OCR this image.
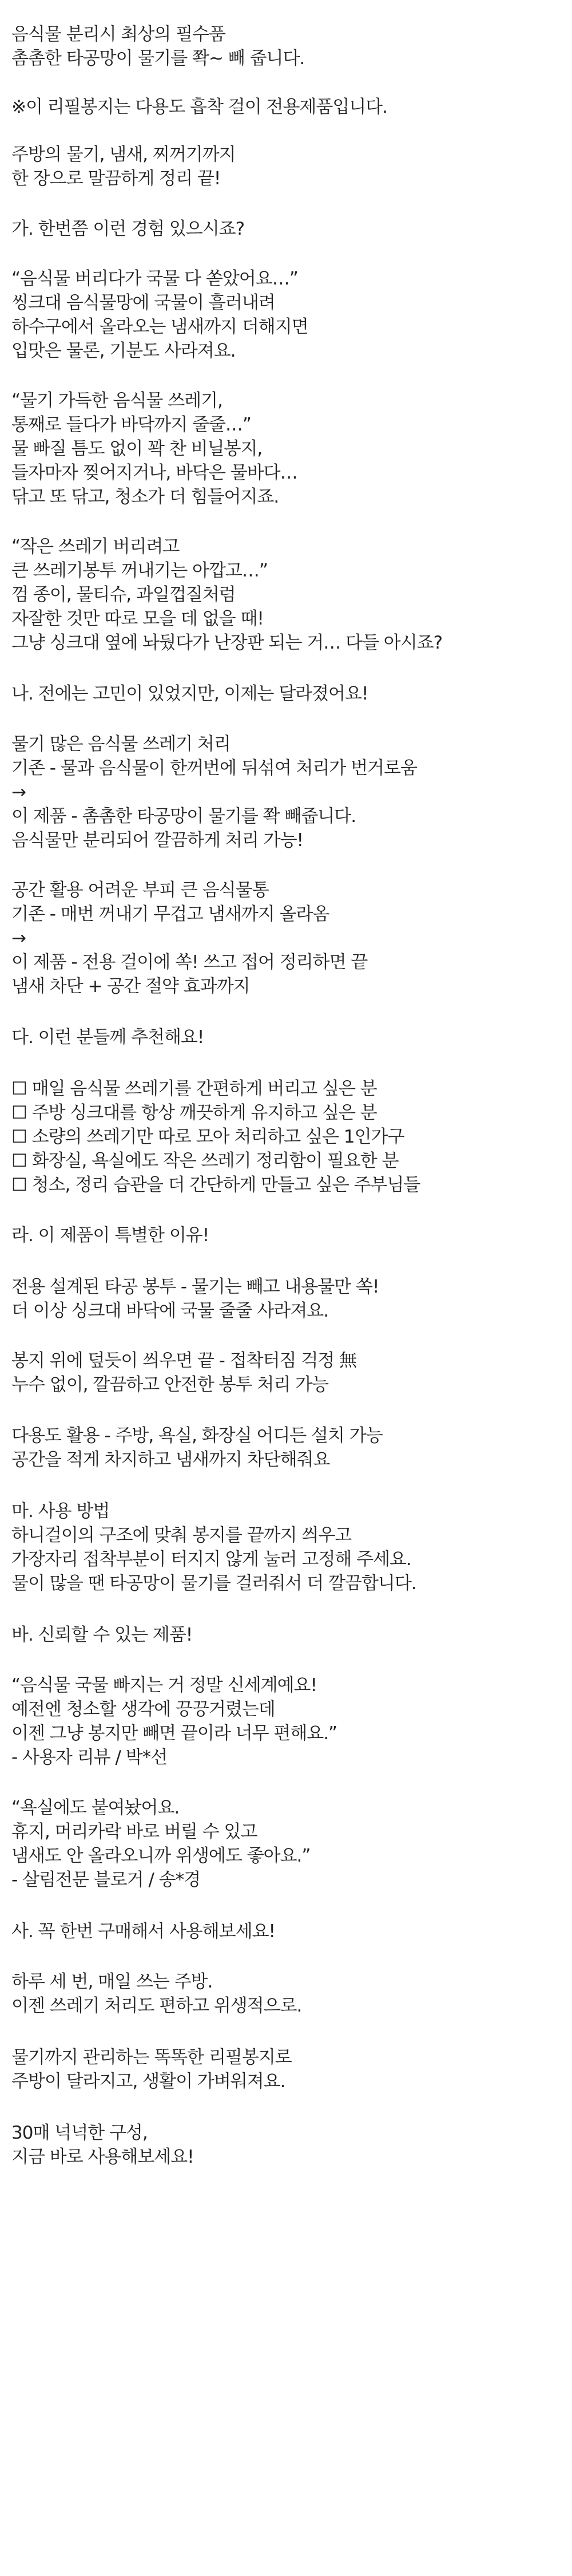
음식물 분리시 최상의 필수품
촘촘한 타공망이 물기를 쫙~ 빼 줍니다.
※이 리필봉지는 다용도 흡착 걸이 전용제품입니다.
주방의 물기, 냄새, 찌꺼기까지
한 장으로 말끔하게 정리 끝!
가. 한번쯤 이런 경험 있으시죠?
“음식물 버리다가 국물 다 쏟았어요…”
씽크대 음식물망에 국물이 흘러내려
하수구에서 올라오는 냄새까지 더해지면
입맛은 물론, 기분도 사라져요.
“물기 가득한 음식물 쓰레기,
통째로 들다가 바닥까지 줄줄…”
물 빠질 틈도 없이 꽉 찬 비닐봉지,
들자마자 찢어지거나, 바닥은 물바다…
닦고 또 닦고, 청소가 더 힘들어지죠.
“작은 쓰레기 버리려고
큰 쓰레기봉투 꺼내기는 아깝고…”
껌 종이, 물티슈, 과일껍질처럼
자잘한 것만 따로 모을 데 없을 때!
그냥 싱크대 옆에 놔뒀다가 난장판 되는 거… 다들 아시죠?
나. 전에는 고민이 있었지만, 이제는 달라졌어요!
물기 많은 음식물 쓰레기 처리
기존 - 물과 음식물이 한꺼번에 뒤섞여 처리가 번거로움
→
이 제품 - 촘촘한 타공망이 물기를 쫙 빼줍니다.
음식물만 분리되어 깔끔하게 처리 가능!
공간 활용 어려운 부피 큰 음식물통
기존 - 매번 꺼내기 무겁고 냄새까지 올라옴
→
이 제품 - 전용 걸이에 쏙! 쓰고 접어 정리하면 끝
냄새 차단 + 공간 절약 효과까지
다. 이런 분들께 추천해요!
☐ 매일 음식물 쓰레기를 간편하게 버리고 싶은 분
☐ 주방 싱크대를 항상 깨끗하게 유지하고 싶은 분
☐ 소량의 쓰레기만 따로 모아 처리하고 싶은 1인가구
☐ 화장실, 욕실에도 작은 쓰레기 정리함이 필요한 분
☐ 청소, 정리 습관을 더 간단하게 만들고 싶은 주부님들
라. 이 제품이 특별한 이유!
전용 설계된 타공 봉투 - 물기는 빼고 내용물만 쏙!
더 이상 싱크대 바닥에 국물 줄줄 사라져요.
봉지 위에 덮듯이 씌우면 끝 - 접착터짐 걱정 無
누수 없이, 깔끔하고 안전한 봉투 처리 가능
다용도 활용 - 주방, 욕실, 화장실 어디든 설치 가능
공간을 적게 차지하고 냄새까지 차단해줘요
마. 사용 방법
하니걸이의 구조에 맞춰 봉지를 끝까지 씌우고
가장자리 접착부분이 터지지 않게 눌러 고정해 주세요.
물이 많을 땐 타공망이 물기를 걸러줘서 더 깔끔합니다.
바. 신뢰할 수 있는 제품!
“음식물 국물 빠지는 거 정말 신세계예요!
예전엔 청소할 생각에 끙끙거렸는데
이젠 그냥 봉지만 빼면 끝이라 너무 편해요.”
- 사용자 리뷰 / 박*선
“욕실에도 붙여놨어요.
휴지, 머리카락 바로 버릴 수 있고
냄새도 안 올라오니까 위생에도 좋아요.”
- 살림전문 블로거 / 송*경
사. 꼭 한번 구매해서 사용해보세요!
하루 세 번, 매일 쓰는 주방.
이젠 쓰레기 처리도 편하고 위생적으로.
물기까지 관리하는 똑똑한 리필봉지로
주방이 달라지고, 생활이 가벼워져요.
30매 넉넉한 구성,
지금 바로 사용해보세요!
